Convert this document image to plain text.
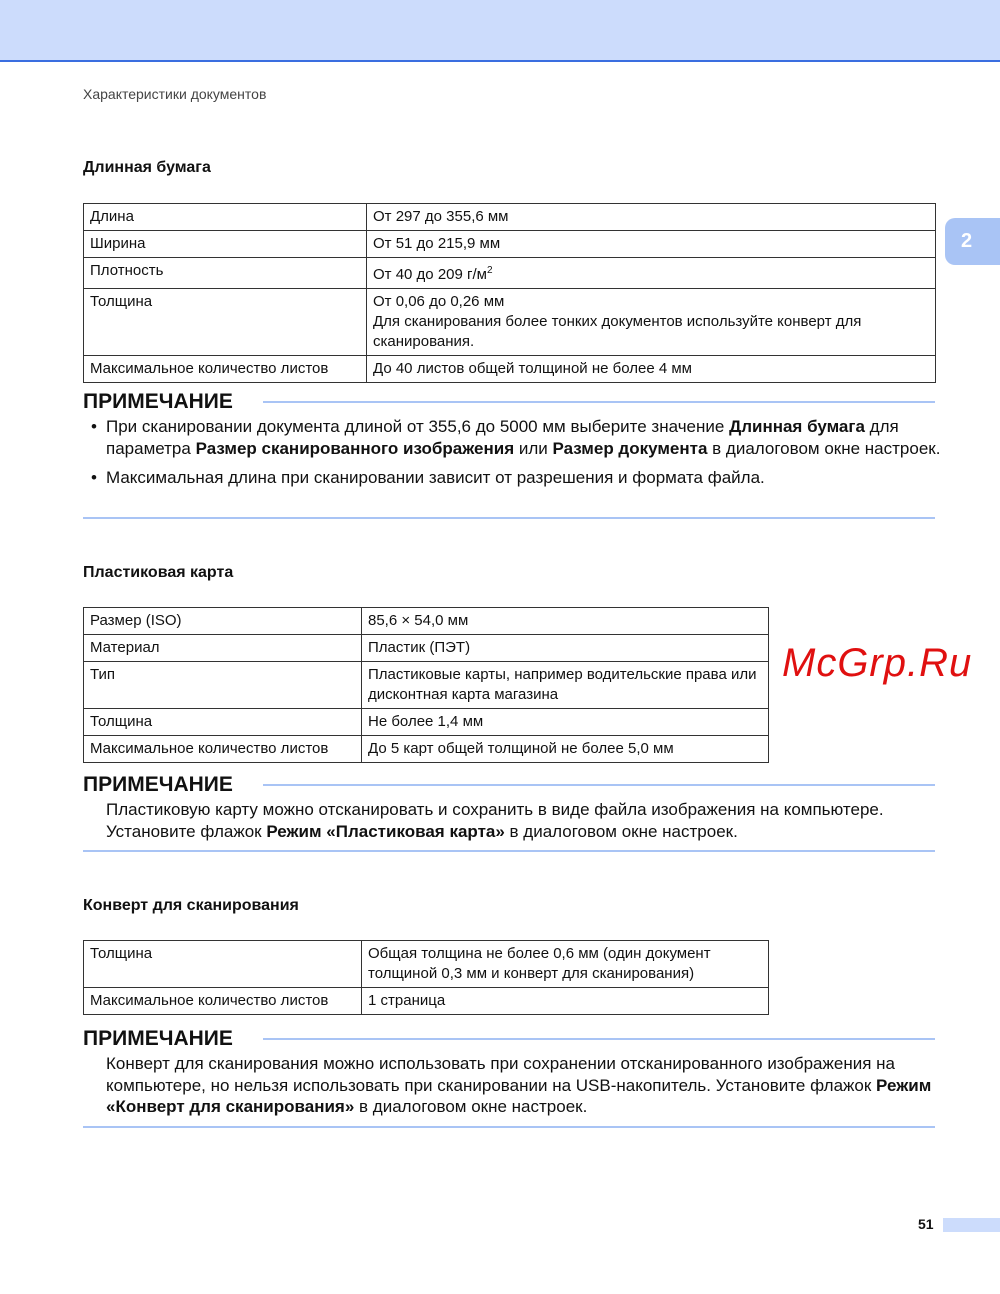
Характеристики документов
2
Длинная бумага
Длина	От 297 до 355,6 мм
Ширина	От 51 до 215,9 мм
Плотность	От 40 до 209 $г/м^2$
Толщина	От 0,06 до 0,26 мм
Для сканирования более тонких документов используйте конверт для сканирования.

Максимальное количество листов	До 40 листов общей толщиной не более 4 мм
ПРИМЕЧАНИЕ
• При сканировании документа длиной от 355,6 до 5000 мм выберите значение Длинная бумага для параметра Размер сканированного изображения или Размер документа в диалоговом окне настроек.
• Максимальная длина при сканировании зависит от разрешения и формата файла.
Пластиковая карта
Размер (ISO)	85,6 × 54,0 мм
Материал	Пластик (ПЭТ)
Тип	Пластиковые карты, например водительские права или дисконтная карта магазина
Толщина	Не более 1,4 мм
Максимальное количество листов	До 5 карт общей толщиной не более 5,0 мм
McGrp.Ru
ПРИМЕЧАНИЕ
Пластиковую карту можно отсканировать и сохранить в виде файла изображения на компьютере. Установите флажок Режим «Пластиковая карта» в диалоговом окне настроек.
Конверт для сканирования
Толщина	Общая толщина не более 0,6 мм (один документ толщиной 0,3 мм и конверт для сканирования)
Максимальное количество листов	1 страница
ПРИМЕЧАНИЕ
Конверт для сканирования можно использовать при сохранении отсканированного изображения на компьютере, но нельзя использовать при сканировании на USB-накопитель. Установите флажок Режим «Конверт для сканирования» в диалоговом окне настроек.
51
